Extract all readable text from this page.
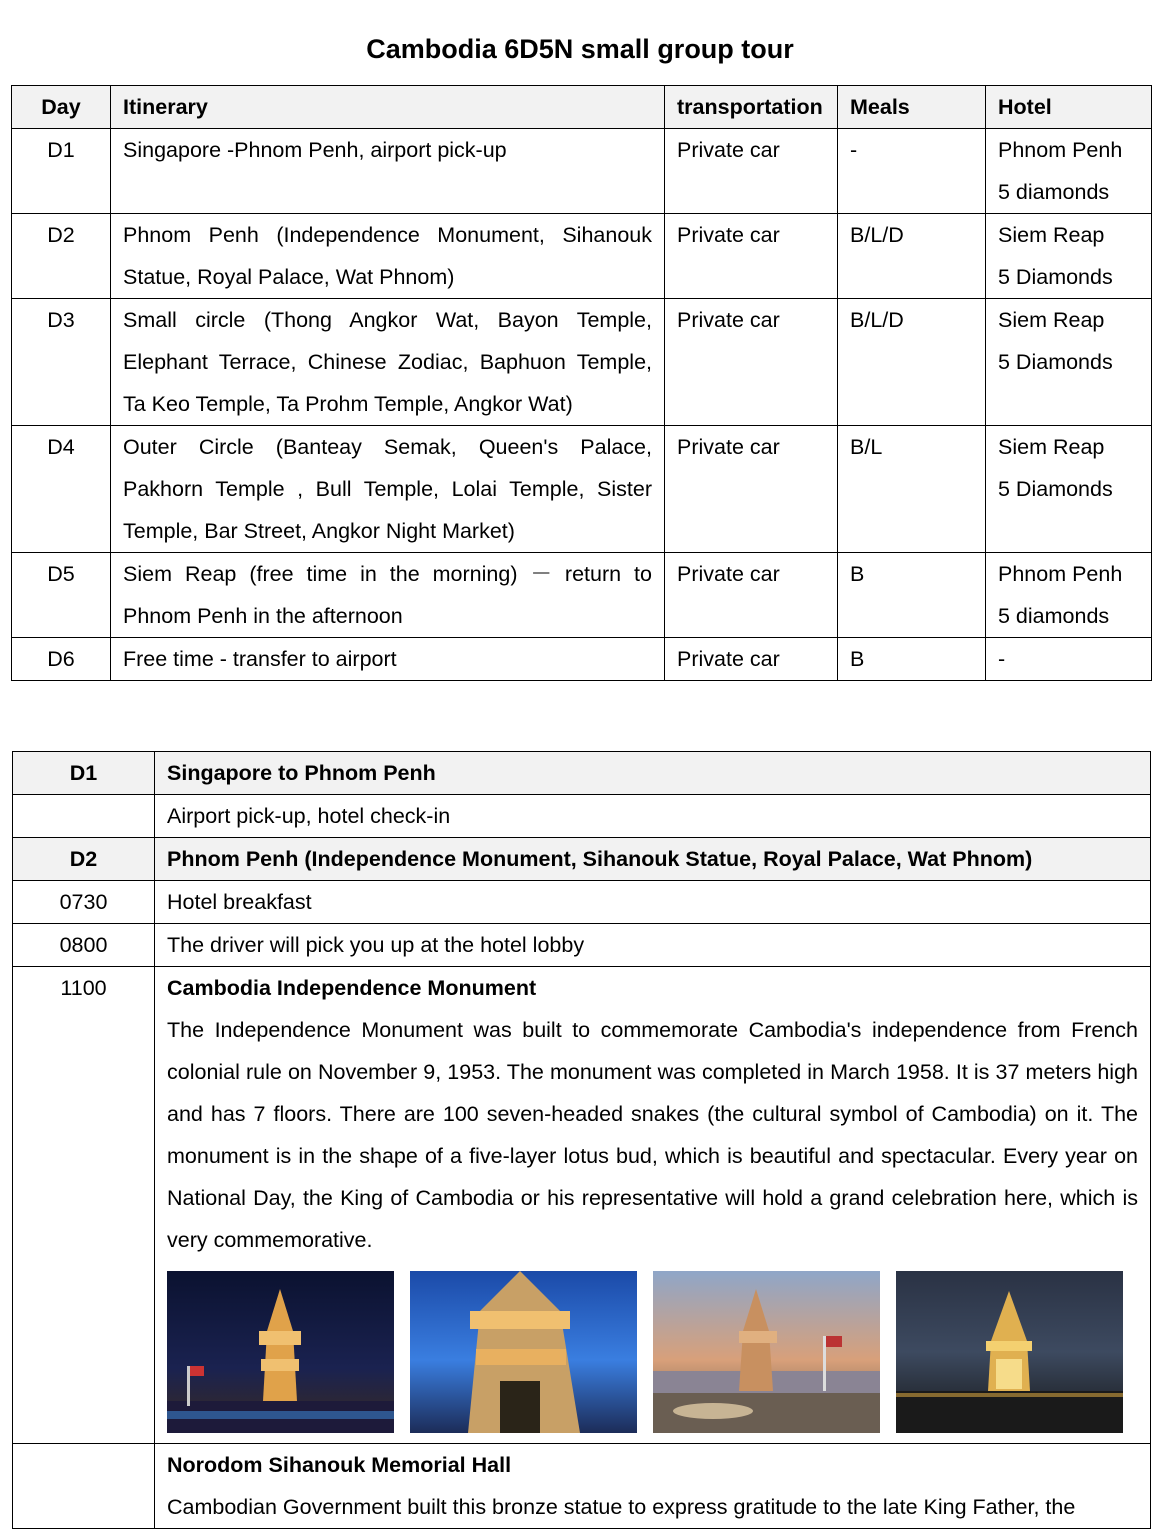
Cambodia 6D5N small group tour
Day	Itinerary	transportation	Meals	Hotel
D1	Singapore -Phnom Penh, airport pick-up	Private car	-	Phnom Penh
5 diamonds

D2	Phnom Penh (Independence Monument, Sihanouk Statue, Royal Palace, Wat Phnom)	Private car	B/L/D	Siem Reap
5 Diamonds

D3	Small circle (Thong Angkor Wat, Bayon Temple, Elephant Terrace, Chinese Zodiac, Baphuon Temple, Ta Keo Temple, Ta Prohm Temple, Angkor Wat)	Private car	B/L/D	Siem Reap
5 Diamonds

D4	Outer Circle (Banteay Semak, Queen's Palace, Pakhorn Temple , Bull Temple, Lolai Temple, Sister Temple, Bar Street, Angkor Night Market)	Private car	B/L	Siem Reap
5 Diamonds

D5	Siem Reap (free time in the morning) － return to Phnom Penh in the afternoon	Private car	B	Phnom Penh
5 diamonds

D6	Free time - transfer to airport	Private car	B	-
D1	Singapore to Phnom Penh
	Airport pick-up, hotel check-in
D2	Phnom Penh (Independence Monument, Sihanouk Statue, Royal Palace, Wat Phnom)
0730	Hotel breakfast
0800	The driver will pick you up at the hotel lobby
1100	Cambodia Independence Monument
The Independence Monument was built to commemorate Cambodia's independence from French colonial rule on November 9, 1953. The monument was completed in March 1958. It is 37 meters high and has 7 floors. There are 100 seven-headed snakes (the cultural symbol of Cambodia) on it. The monument is in the shape of a five-layer lotus bud, which is beautiful and spectacular. Every year on National Day, the King of Cambodia or his representative will hold a grand celebration here, which is very commemorative.

	Norodom Sihanouk Memorial Hall
Cambodian Government built this bronze statue to express gratitude to the late King Father, the
